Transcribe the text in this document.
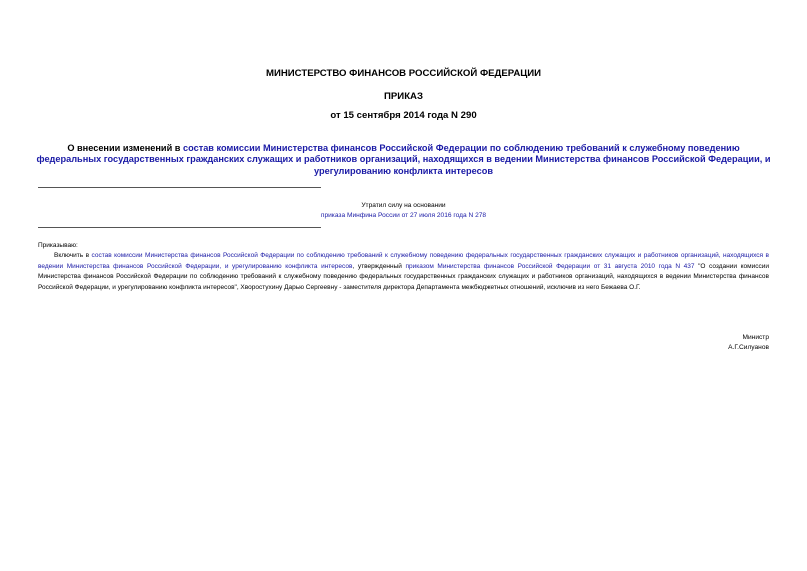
МИНИСТЕРСТВО ФИНАНСОВ РОССИЙСКОЙ ФЕДЕРАЦИИ
ПРИКАЗ
от 15 сентября 2014 года N 290
О внесении изменений в состав комиссии Министерства финансов Российской Федерации по соблюдению требований к служебному поведению федеральных государственных гражданских служащих и работников организаций, находящихся в ведении Министерства финансов Российской Федерации, и урегулированию конфликта интересов
Утратил силу на основании
приказа Минфина России от 27 июля 2016 года N 278
Приказываю:
Включить в состав комиссии Министерства финансов Российской Федерации по соблюдению требований к служебному поведению федеральных государственных гражданских служащих и работников организаций, находящихся в ведении Министерства финансов Российской Федерации, и урегулированию конфликта интересов, утвержденный приказом Министерства финансов Российской Федерации от 31 августа 2010 года N 437 "О создании комиссии Министерства финансов Российской Федерации по соблюдению требований к служебному поведению федеральных государственных гражданских служащих и работников организаций, находящихся в ведении Министерства финансов Российской Федерации, и урегулированию конфликта интересов", Хворостухину Дарью Сергеевну - заместителя директора Департамента межбюджетных отношений, исключив из него Бежаева О.Г.
Министр
А.Г.Силуанов
